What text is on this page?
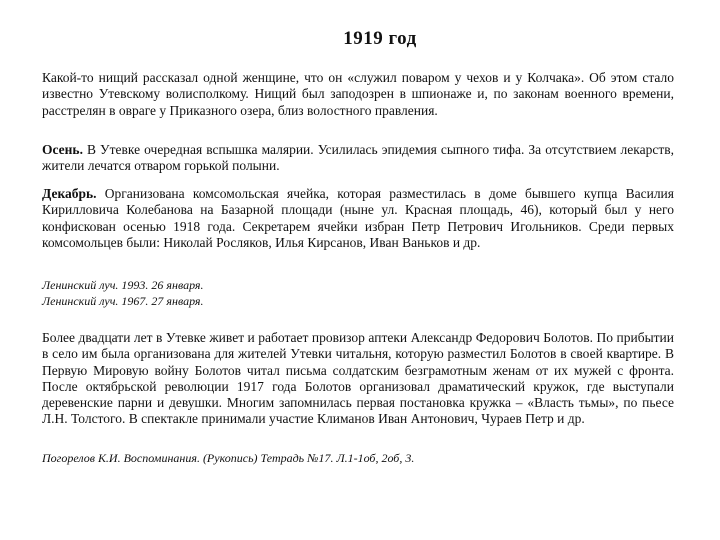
1919 год
Какой-то нищий рассказал одной женщине, что он «служил поваром у чехов и у Колчака». Об этом стало известно Утевскому волисполкому. Нищий был заподозрен в шпионаже и, по законам военного времени, расстрелян в овраге у Приказного озера, близ волостного правления.
Осень. В Утевке очередная вспышка малярии. Усилилась эпидемия сыпного тифа. За отсутствием лекарств, жители лечатся отваром горькой полыни.
Декабрь. Организована комсомольская ячейка, которая разместилась в доме бывшего купца Василия Кирилловича Колебанова на Базарной площади (ныне ул. Красная площадь, 46), который был у него конфискован осенью 1918 года. Секретарем ячейки избран Петр Петрович Игольников. Среди первых комсомольцев были: Николай Росляков, Илья Кирсанов, Иван Ваньков и др.
Ленинский луч. 1993. 26 января.
Ленинский луч. 1967. 27 января.
Более двадцати лет в Утевке живет и работает провизор аптеки Александр Федорович Болотов. По прибытии в село им была организована для жителей Утевки читальня, которую разместил Болотов в своей квартире. В Первую Мировую войну Болотов читал письма солдатским безграмотным женам от их мужей с фронта. После октябрьской революции 1917 года Болотов организовал драматический кружок, где выступали деревенские парни и девушки. Многим запомнилась первая постановка кружка – «Власть тьмы», по пьесе Л.Н. Толстого. В спектакле принимали участие Климанов Иван Антонович, Чураев Петр и др.
Погорелов К.И. Воспоминания. (Рукопись) Тетрадь №17. Л.1-1об, 2об, 3.
